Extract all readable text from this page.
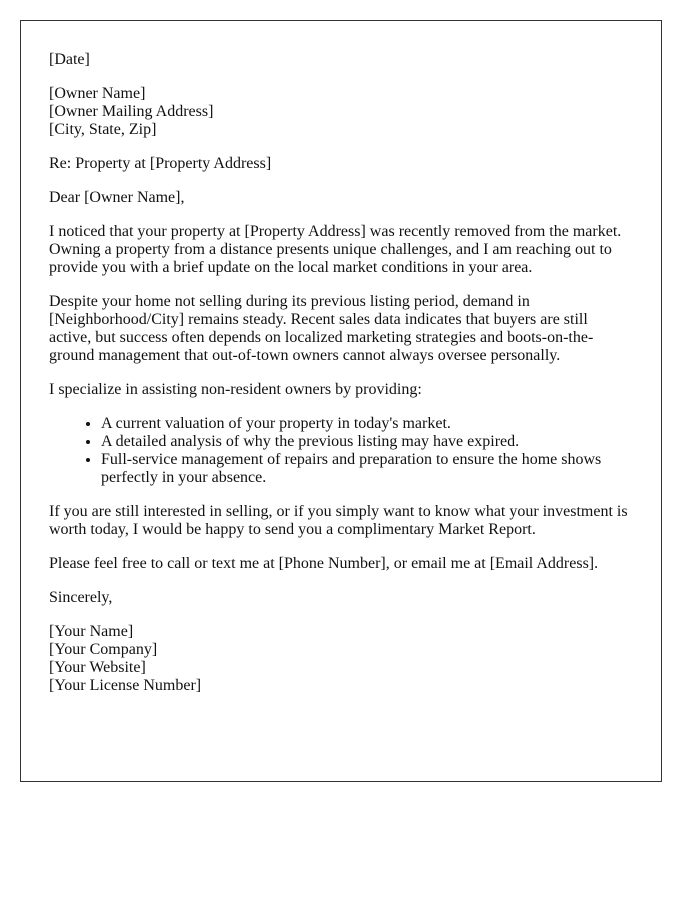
[Date]

[Owner Name]
[Owner Mailing Address]
[City, State, Zip]

Re: Property at [Property Address]

Dear [Owner Name],

I noticed that your property at [Property Address] was recently removed from the market. Owning a property from a distance presents unique challenges, and I am reaching out to provide you with a brief update on the local market conditions in your area.

Despite your home not selling during its previous listing period, demand in [Neighborhood/City] remains steady. Recent sales data indicates that buyers are still active, but success often depends on localized marketing strategies and boots-on-the-ground management that out-of-town owners cannot always oversee personally.

I specialize in assisting non-resident owners by providing:

• A current valuation of your property in today's market.
• A detailed analysis of why the previous listing may have expired.
• Full-service management of repairs and preparation to ensure the home shows perfectly in your absence.

If you are still interested in selling, or if you simply want to know what your investment is worth today, I would be happy to send you a complimentary Market Report.

Please feel free to call or text me at [Phone Number], or email me at [Email Address].

Sincerely,

[Your Name]
[Your Company]
[Your Website]
[Your License Number]
